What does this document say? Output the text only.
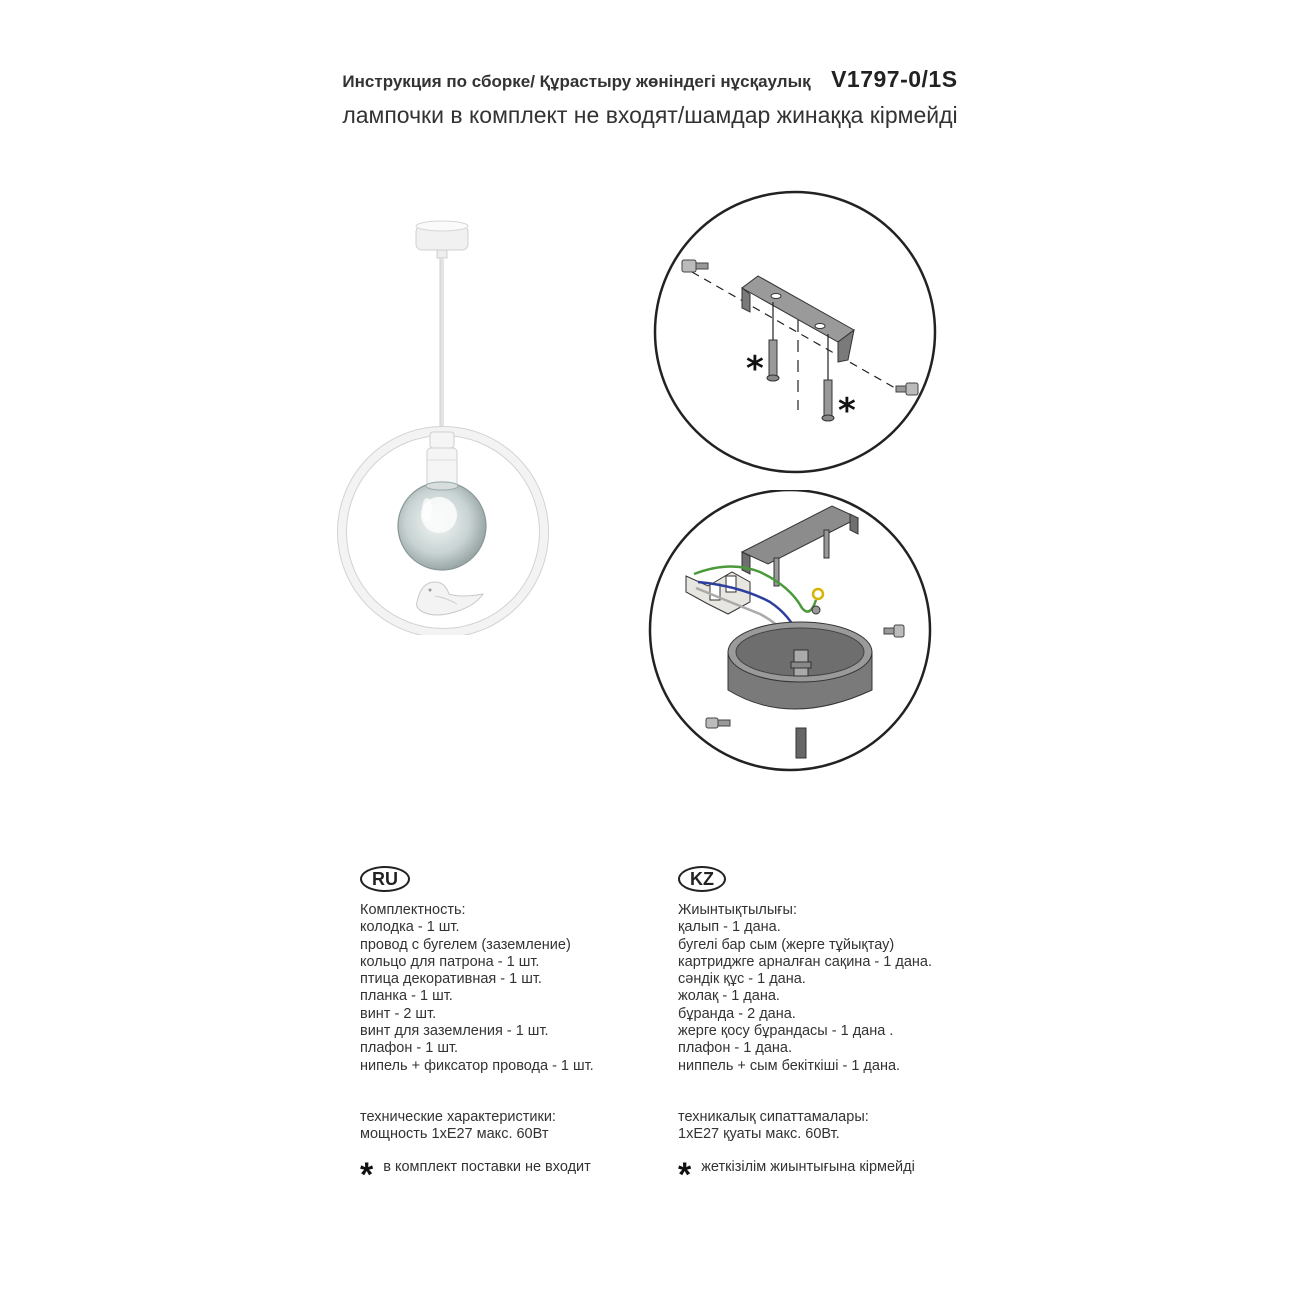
Инструкция по сборке/ Құрастыру жөніндегі нұсқаулық V1797-0/1S
лампочки в комплект не входят/шамдар жинаққа кірмейді
*
*
RU
Комплектность:
колодка - 1 шт.
провод с бугелем (заземление)
кольцо для патрона - 1 шт.
птица декоративная - 1 шт.
планка - 1 шт.
винт - 2 шт.
винт для заземления - 1 шт.
плафон - 1 шт.
нипель + фиксатор провода - 1 шт.
технические характеристики:
мощность 1xE27 макс. 60Вт
* в комплект поставки не входит
KZ
Жиынтықтылығы:
қалып - 1 дана.
бугелі бар сым (жерге тұйықтау)
картриджге арналған сақина - 1 дана.
сәндік құс - 1 дана.
жолақ - 1 дана.
бұранда - 2 дана.
жерге қосу бұрандасы - 1 дана .
плафон - 1 дана.
ниппель + сым бекіткіші - 1 дана.
техникалық сипаттамалары:
1xE27 қуаты макс. 60Вт.
* жеткізілім жиынтығына кірмейді
